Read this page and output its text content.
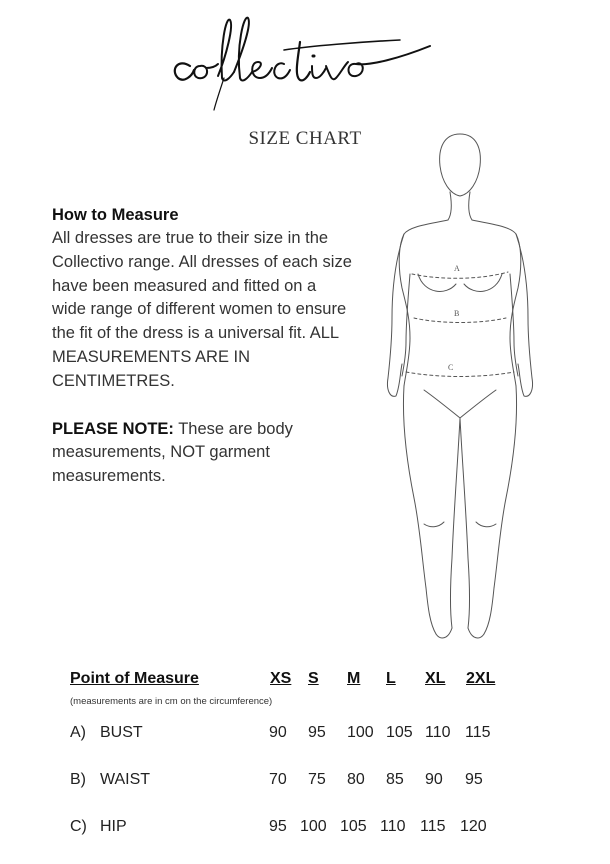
SIZE CHART
How to Measure

All dresses are true to their size in the Collectivo range. All dresses of each size have been measured and fitted on a wide range of different women to ensure the fit of the dress is a universal fit. ALL MEASUREMENTS ARE IN CENTIMETRES.

PLEASE NOTE: These are body measurements, NOT garment measurements.

A
B
C
Point of Measure	XS S M L XL 2XL
(measurements are in cm on the circumference)
A) BUST	90 95 100 105 110 115
B) WAIST	70 75 80 85 90 95
C) HIP	95 100 105 110 115 120
